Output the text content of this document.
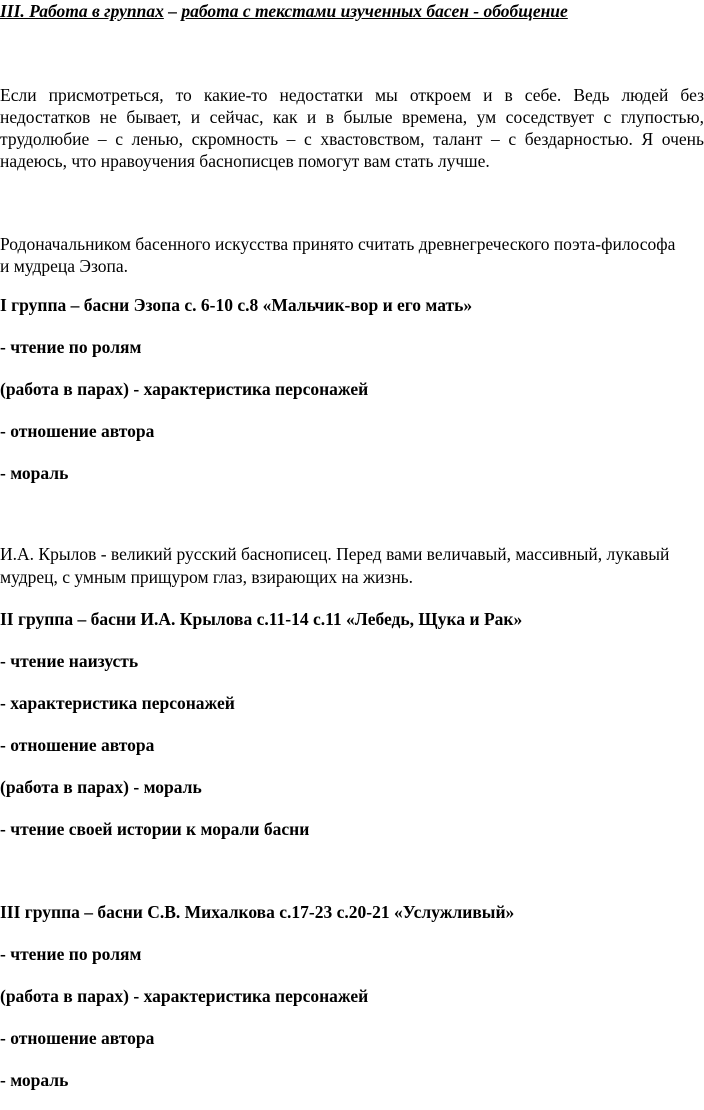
III. Работа в группах – работа с текстами изученных басен - обобщение

Если присмотреться, то какие-то недостатки мы откроем и в себе. Ведь людей без

недостатков не бывает, и сейчас, как и в былые времена, ум соседствует с глупостью,

трудолюбие – с ленью, скромность – с хвастовством, талант – с бездарностью. Я очень

надеюсь, что нравоучения баснописцев помогут вам стать лучше.

Родоначальником басенного искусства принято считать древнегреческого поэта-философа

и мудреца Эзопа.

I группа – басни Эзопа с. 6-10 с.8 «Мальчик-вор и его мать»

- чтение по ролям

(работа в парах) - характеристика персонажей

- отношение автора

- мораль

И.А. Крылов - великий русский баснописец. Перед вами величавый, массивный, лукавый

мудрец, с умным прищуром глаз, взирающих на жизнь.

II группа – басни И.А. Крылова с.11-14 с.11 «Лебедь, Щука и Рак»

- чтение наизусть

- характеристика персонажей

- отношение автора

(работа в парах) - мораль

- чтение своей истории к морали басни

III группа – басни С.В. Михалкова с.17-23 с.20-21 «Услужливый»

- чтение по ролям

(работа в парах) - характеристика персонажей

- отношение автора

- мораль
